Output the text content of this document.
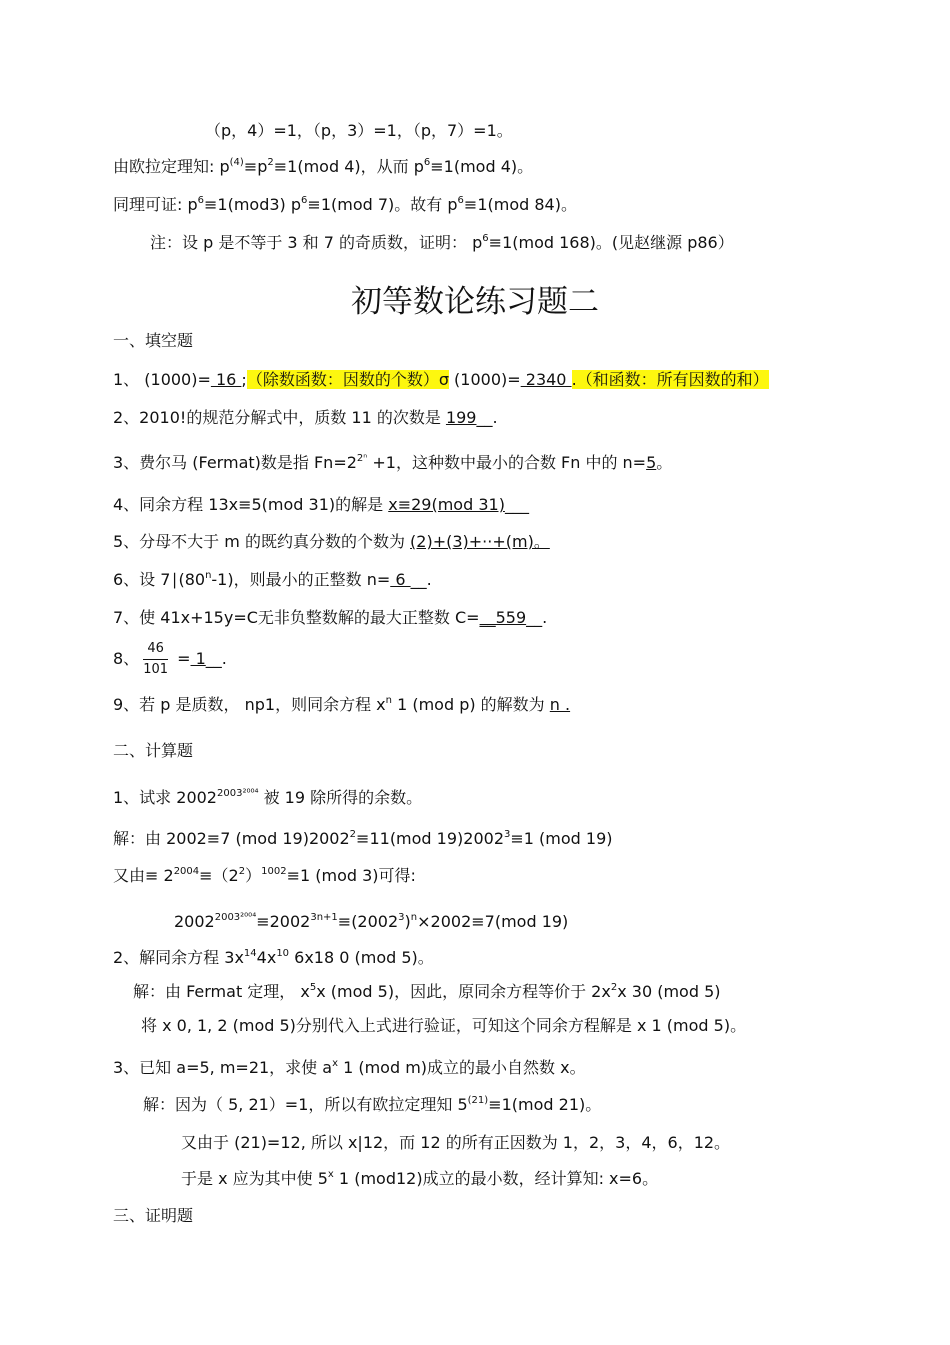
（p，4）=1，（p，3）=1，（p，7）=1。
由欧拉定理知: $p^{(4)}\equiv p^2\equiv 1(mod$ 4)，从而 $p^6\equiv 1(mod$ 4)。
同理可证: $p^6\equiv 1(mod3)$ $p^6\equiv 1(mod$ 7)。故有 $p^6\equiv 1(mod$ 84)。
注：设 p 是不等于 3 和 7 的奇质数，证明： $p^6\equiv 1(mod$ 168)。(见赵继源 p86）
初等数论练习题二
一、填空题
1、 (1000)= 16 ;（除数函数：因数的个数）σ (1000)= 2340 .（和函数：所有因数的和）
2、2010!的规范分解式中，质数 11 的次数是 199__.
3、费尔马 (Fermat)数是指 $Fn=2^{2^n} +1$，这种数中最小的合数 Fn 中的 n=5。
4、同余方程 13x≡5(mod 31)的解是 x≡29(mod 31)___
5、分母不大于 m 的既约真分数的个数为 (2)+(3)+··+(m)。
6、设 7∣(80$^n$-1)，则最小的正整数 n= 6 __.
7、使 41x+15y=C无非负整数解的最大正整数 C=__559__.
8、 $\frac{46}{101}$ = 1__.
9、若 p 是质数， np1，则同余方程 $x^n$ 1 (mod p) 的解数为 n .
二、计算题
1、试求 $2002^{2003^{2004}}$ 被 19 除所得的余数。
解：由 2002≡7 (mod $19)2002^2\equiv 11(mod$ $19)2002^3\equiv 1$ (mod 19)
又由≡ $2^{2004}\equiv(2^2)^{1002}\equiv 1$ (mod 3)可得:
$2002^{2003^{2004}}\equiv 2002^{3n+1}\equiv(2002^3)^n\times 2002\equiv 7(mod$ 19)
2、解同余方程 $3x^{14}4x^{10}$ 6x18 0 (mod 5)。
解：由 Fermat 定理， $x^5x$ (mod 5)，因此，原同余方程等价于 $2x^2x$ 30 (mod 5)
将 x 0, 1, 2 (mod 5)分别代入上式进行验证，可知这个同余方程解是 x 1 (mod 5)。
3、已知 a=5, m=21，求使 $a^x$ 1 (mod m)成立的最小自然数 x。
解：因为（ 5, 21）=1，所以有欧拉定理知 $5^{(21)}\equiv 1(mod$ 21)。
又由于 (21)=12, 所以 x|12，而 12 的所有正因数为 1，2，3，4，6，12。
于是 x 应为其中使 5$^x$ 1 (mod12)成立的最小数，经计算知: x=6。
三、证明题
